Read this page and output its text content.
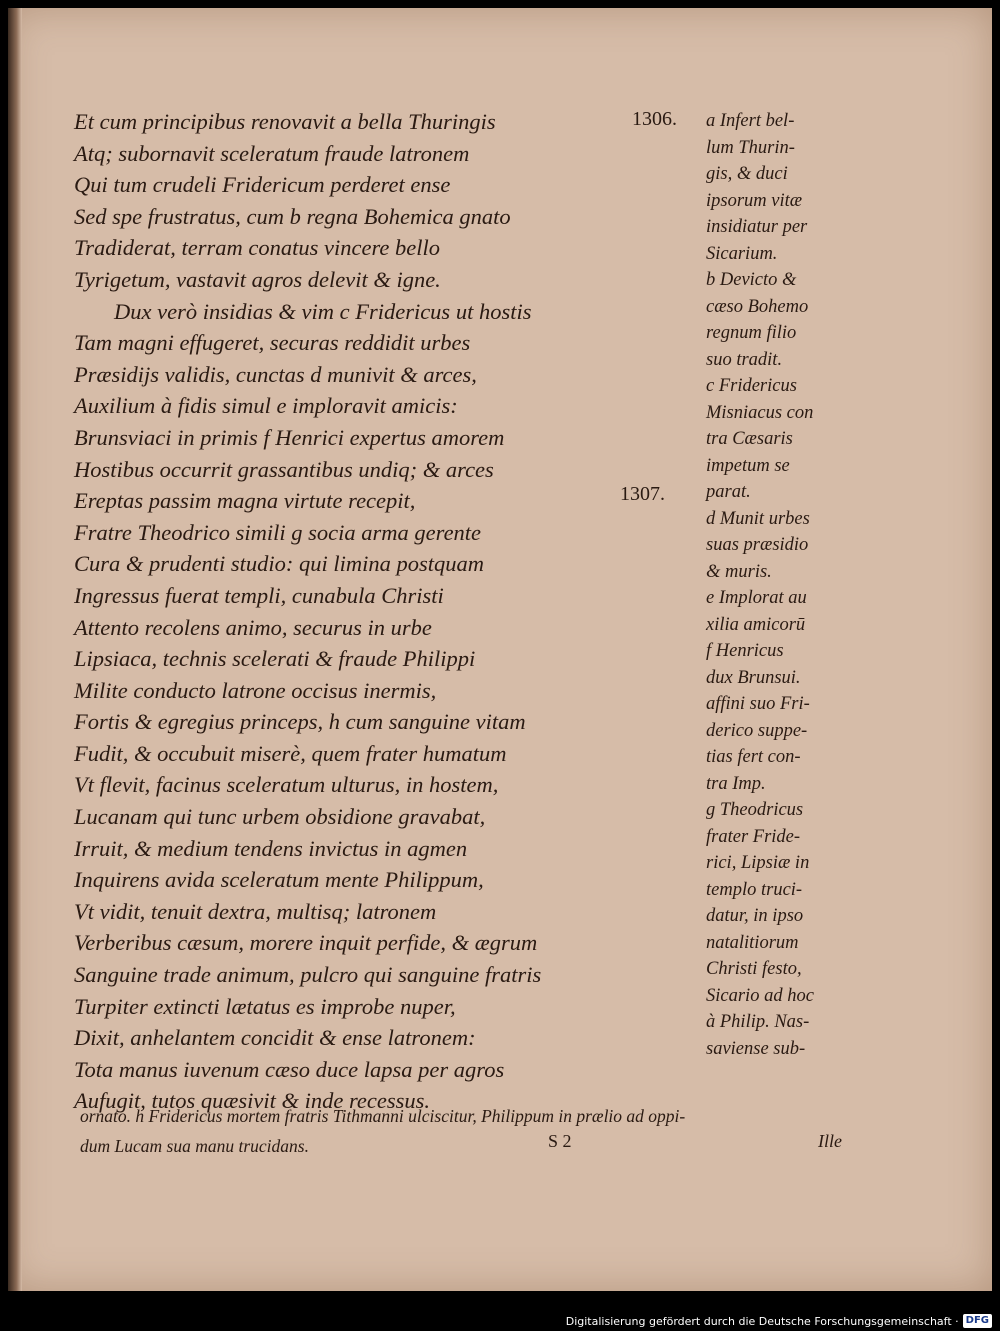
Et cum principibus renovavit a bella Thuringis
Atq; subornavit sceleratum fraude latronem
Qui tum crudeli Fridericum perderet ense
Sed spe frustratus, cum b regna Bohemica gnato
Tradiderat, terram conatus vincere bello
Tyrigetum, vastavit agros delevit & igne.
Dux verò insidias & vim c Fridericus ut hostis
Tam magni effugeret, securas reddidit urbes
Præsidijs validis, cunctas d munivit & arces,
Auxilium à fidis simul e imploravit amicis:
Brunsviaci in primis f Henrici expertus amorem
Hostibus occurrit grassantibus undiq; & arces
Ereptas passim magna virtute recepit,
Fratre Theodrico simili g socia arma gerente
Cura & prudenti studio: qui limina postquam
Ingressus fuerat templi, cunabula Christi
Attento recolens animo, securus in urbe
Lipsiaca, technis scelerati & fraude Philippi
Milite conducto latrone occisus inermis,
Fortis & egregius princeps, h cum sanguine vitam
Fudit, & occubuit miserè, quem frater humatum
Vt flevit, facinus sceleratum ulturus, in hostem,
Lucanam qui tunc urbem obsidione gravabat,
Irruit, & medium tendens invictus in agmen
Inquirens avida sceleratum mente Philippum,
Vt vidit, tenuit dextra, multisq; latronem
Verberibus cæsum, morere inquit perfide, & ægrum
Sanguine trade animum, pulcro qui sanguine fratris
Turpiter extincti lætatus es improbe nuper,
Dixit, anhelantem concidit & ense latronem:
Tota manus iuvenum cæso duce lapsa per agros
Aufugit, tutos quæsivit & inde recessus.
1306.
1307.
a Infert bel-
lum Thurin-
gis, & duci
ipsorum vitæ
insidiatur per
Sicarium.
b Devicto &
cæso Bohemo
regnum filio
suo tradit.
c Fridericus
Misniacus con
tra Cæsaris
impetum se
parat.
d Munit urbes
suas præsidio
& muris.
e Implorat au
xilia amicorū
f Henricus
dux Brunsui.
affini suo Fri-
derico suppe-
tias fert con-
tra Imp.
g Theodricus
frater Fride-
rici, Lipsiæ in
templo truci-
datur, in ipso
natalitiorum
Christi festo,
Sicario ad hoc
à Philip. Nas-
saviense sub-
ornato. h Fridericus mortem fratris Tithmanni ulciscitur, Philippum in prælio ad oppi-
dum Lucam sua manu trucidans.	S 2	Ille
Digitalisierung gefördert durch die Deutsche Forschungsgemeinschaft · DFG
